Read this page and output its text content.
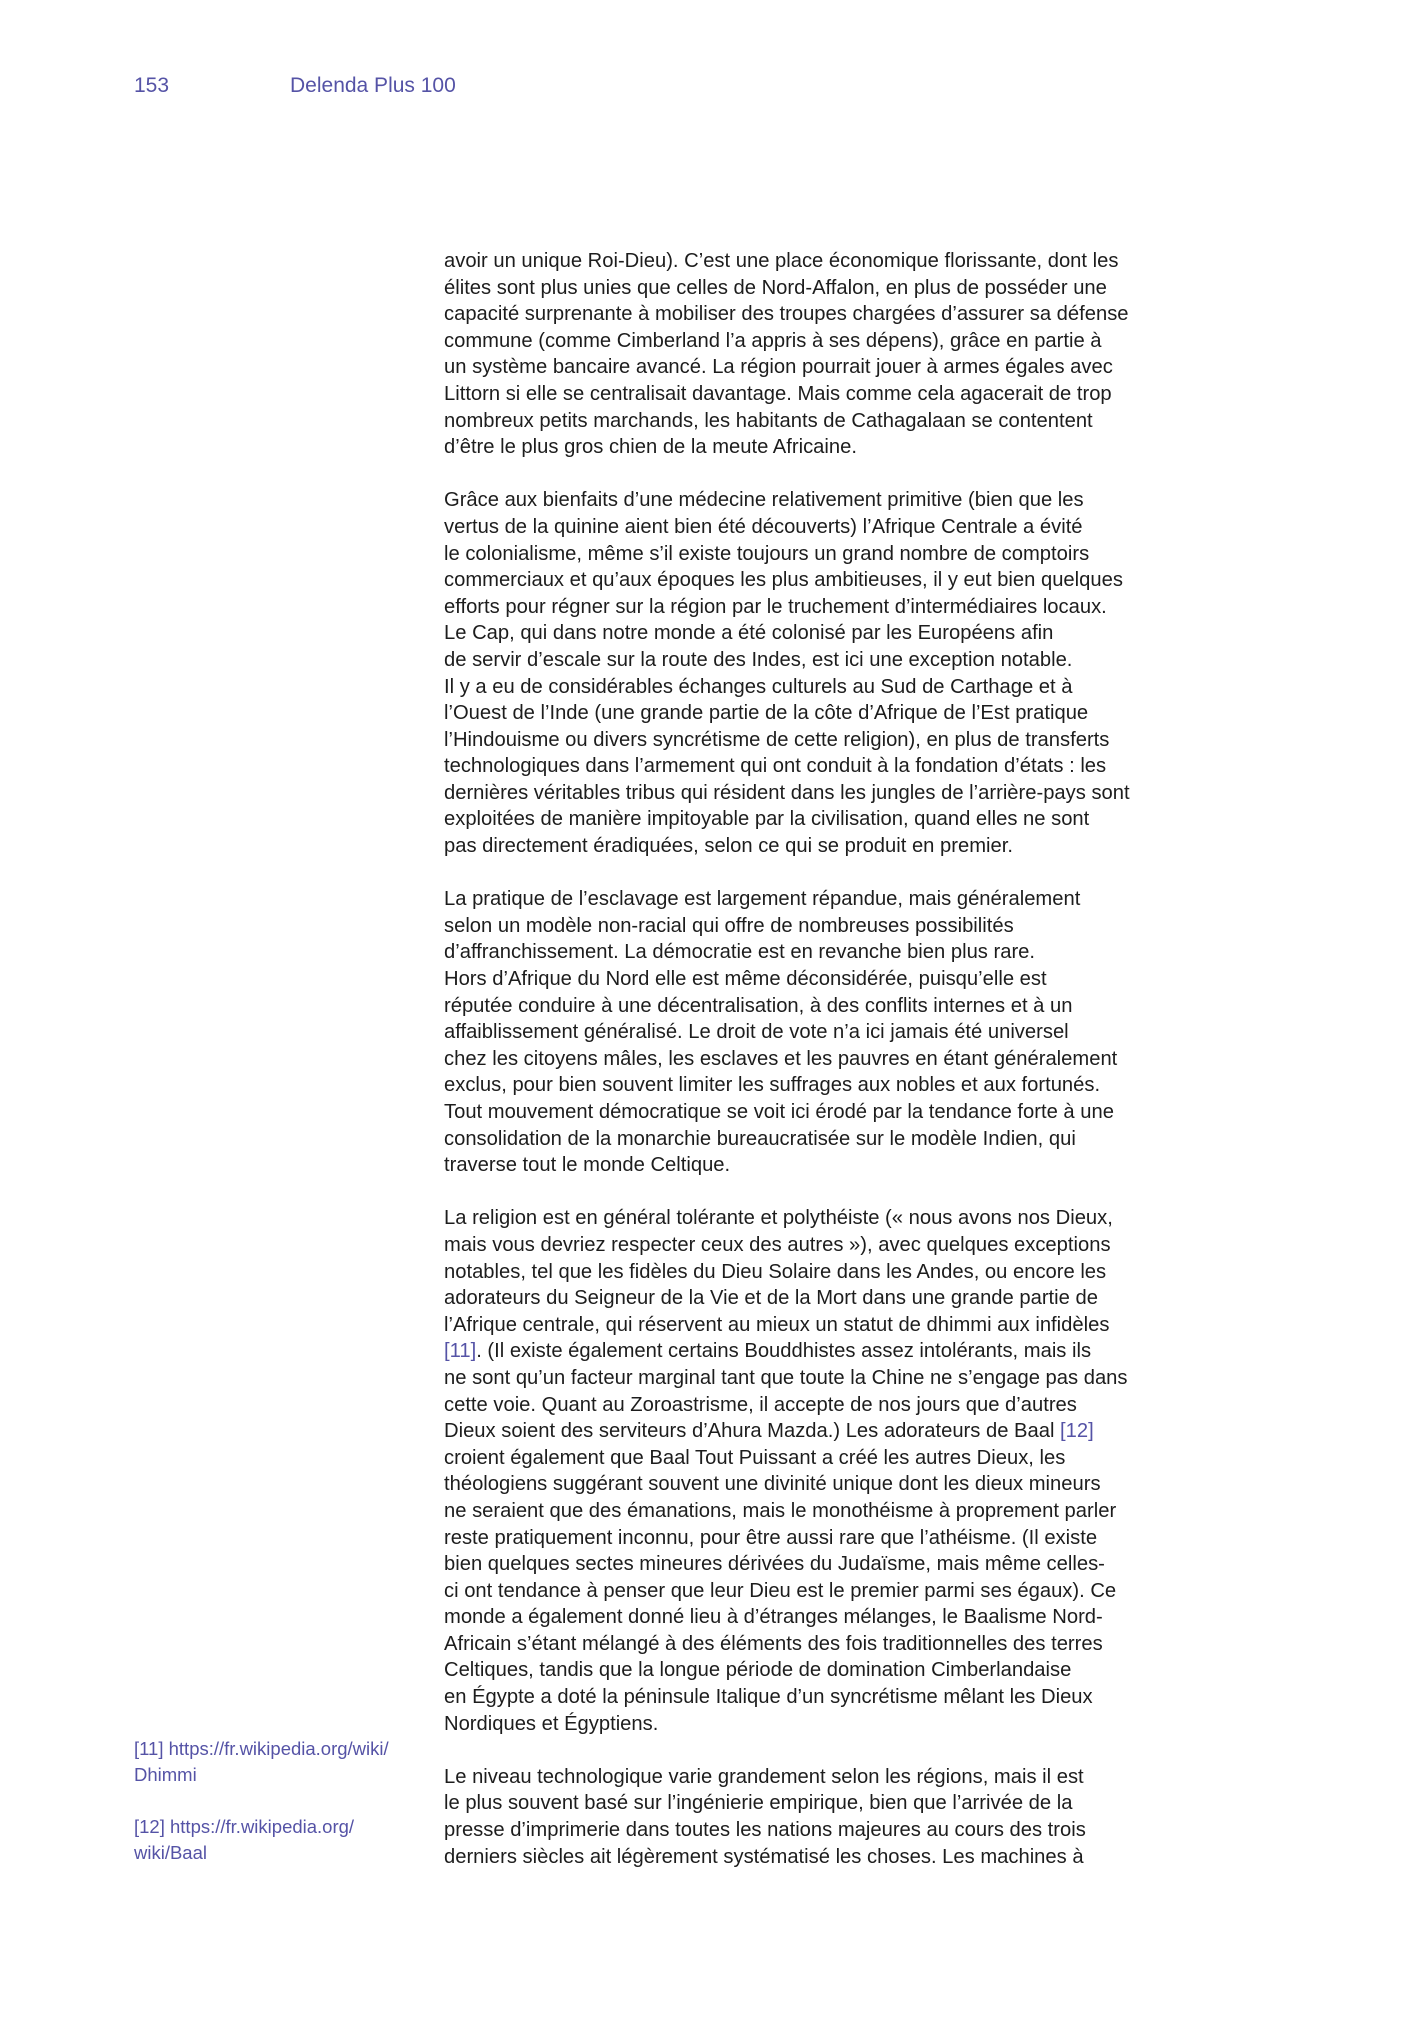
153	Delenda Plus 100

avoir un unique Roi-Dieu). C’est une place économique florissante, dont les
élites sont plus unies que celles de Nord-Affalon, en plus de posséder une
capacité surprenante à mobiliser des troupes chargées d’assurer sa défense
commune (comme Cimberland l’a appris à ses dépens), grâce en partie à
un système bancaire avancé. La région pourrait jouer à armes égales avec
Littorn si elle se centralisait davantage. Mais comme cela agacerait de trop
nombreux petits marchands, les habitants de Cathagalaan se contentent
d’être le plus gros chien de la meute Africaine.

Grâce aux bienfaits d’une médecine relativement primitive (bien que les
vertus de la quinine aient bien été découverts) l’Afrique Centrale a évité
le colonialisme, même s’il existe toujours un grand nombre de comptoirs
commerciaux et qu’aux époques les plus ambitieuses, il y eut bien quelques
efforts pour régner sur la région par le truchement d’intermédiaires locaux.
Le Cap, qui dans notre monde a été colonisé par les Européens afin
de servir d’escale sur la route des Indes, est ici une exception notable.
Il y a eu de considérables échanges culturels au Sud de Carthage et à
l’Ouest de l’Inde (une grande partie de la côte d’Afrique de l’Est pratique
l’Hindouisme ou divers syncrétisme de cette religion), en plus de transferts
technologiques dans l’armement qui ont conduit à la fondation d’états : les
dernières véritables tribus qui résident dans les jungles de l’arrière-pays sont
exploitées de manière impitoyable par la civilisation, quand elles ne sont
pas directement éradiquées, selon ce qui se produit en premier.

La pratique de l’esclavage est largement répandue, mais généralement
selon un modèle non-racial qui offre de nombreuses possibilités
d’affranchissement. La démocratie est en revanche bien plus rare.
Hors d’Afrique du Nord elle est même déconsidérée, puisqu’elle est
réputée conduire à une décentralisation, à des conflits internes et à un
affaiblissement généralisé. Le droit de vote n’a ici jamais été universel
chez les citoyens mâles, les esclaves et les pauvres en étant généralement
exclus, pour bien souvent limiter les suffrages aux nobles et aux fortunés.
Tout mouvement démocratique se voit ici érodé par la tendance forte à une
consolidation de la monarchie bureaucratisée sur le modèle Indien, qui
traverse tout le monde Celtique.

La religion est en général tolérante et polythéiste (« nous avons nos Dieux,
mais vous devriez respecter ceux des autres »), avec quelques exceptions
notables, tel que les fidèles du Dieu Solaire dans les Andes, ou encore les
adorateurs du Seigneur de la Vie et de la Mort dans une grande partie de
l’Afrique centrale, qui réservent au mieux un statut de dhimmi aux infidèles
[11]. (Il existe également certains Bouddhistes assez intolérants, mais ils
ne sont qu’un facteur marginal tant que toute la Chine ne s’engage pas dans
cette voie. Quant au Zoroastrisme, il accepte de nos jours que d’autres
Dieux soient des serviteurs d’Ahura Mazda.) Les adorateurs de Baal [12]
croient également que Baal Tout Puissant a créé les autres Dieux, les
théologiens suggérant souvent une divinité unique dont les dieux mineurs
ne seraient que des émanations, mais le monothéisme à proprement parler
reste pratiquement inconnu, pour être aussi rare que l’athéisme. (Il existe
bien quelques sectes mineures dérivées du Judaïsme, mais même celles-
ci ont tendance à penser que leur Dieu est le premier parmi ses égaux). Ce
monde a également donné lieu à d’étranges mélanges, le Baalisme Nord-
Africain s’étant mélangé à des éléments des fois traditionnelles des terres
Celtiques, tandis que la longue période de domination Cimberlandaise
en Égypte a doté la péninsule Italique d’un syncrétisme mêlant les Dieux
Nordiques et Égyptiens.

Le niveau technologique varie grandement selon les régions, mais il est
le plus souvent basé sur l’ingénierie empirique, bien que l’arrivée de la
presse d’imprimerie dans toutes les nations majeures au cours des trois
derniers siècles ait légèrement systématisé les choses. Les machines à

[11] https://fr.wikipedia.org/wiki/
Dhimmi
[12] https://fr.wikipedia.org/
wiki/Baal
